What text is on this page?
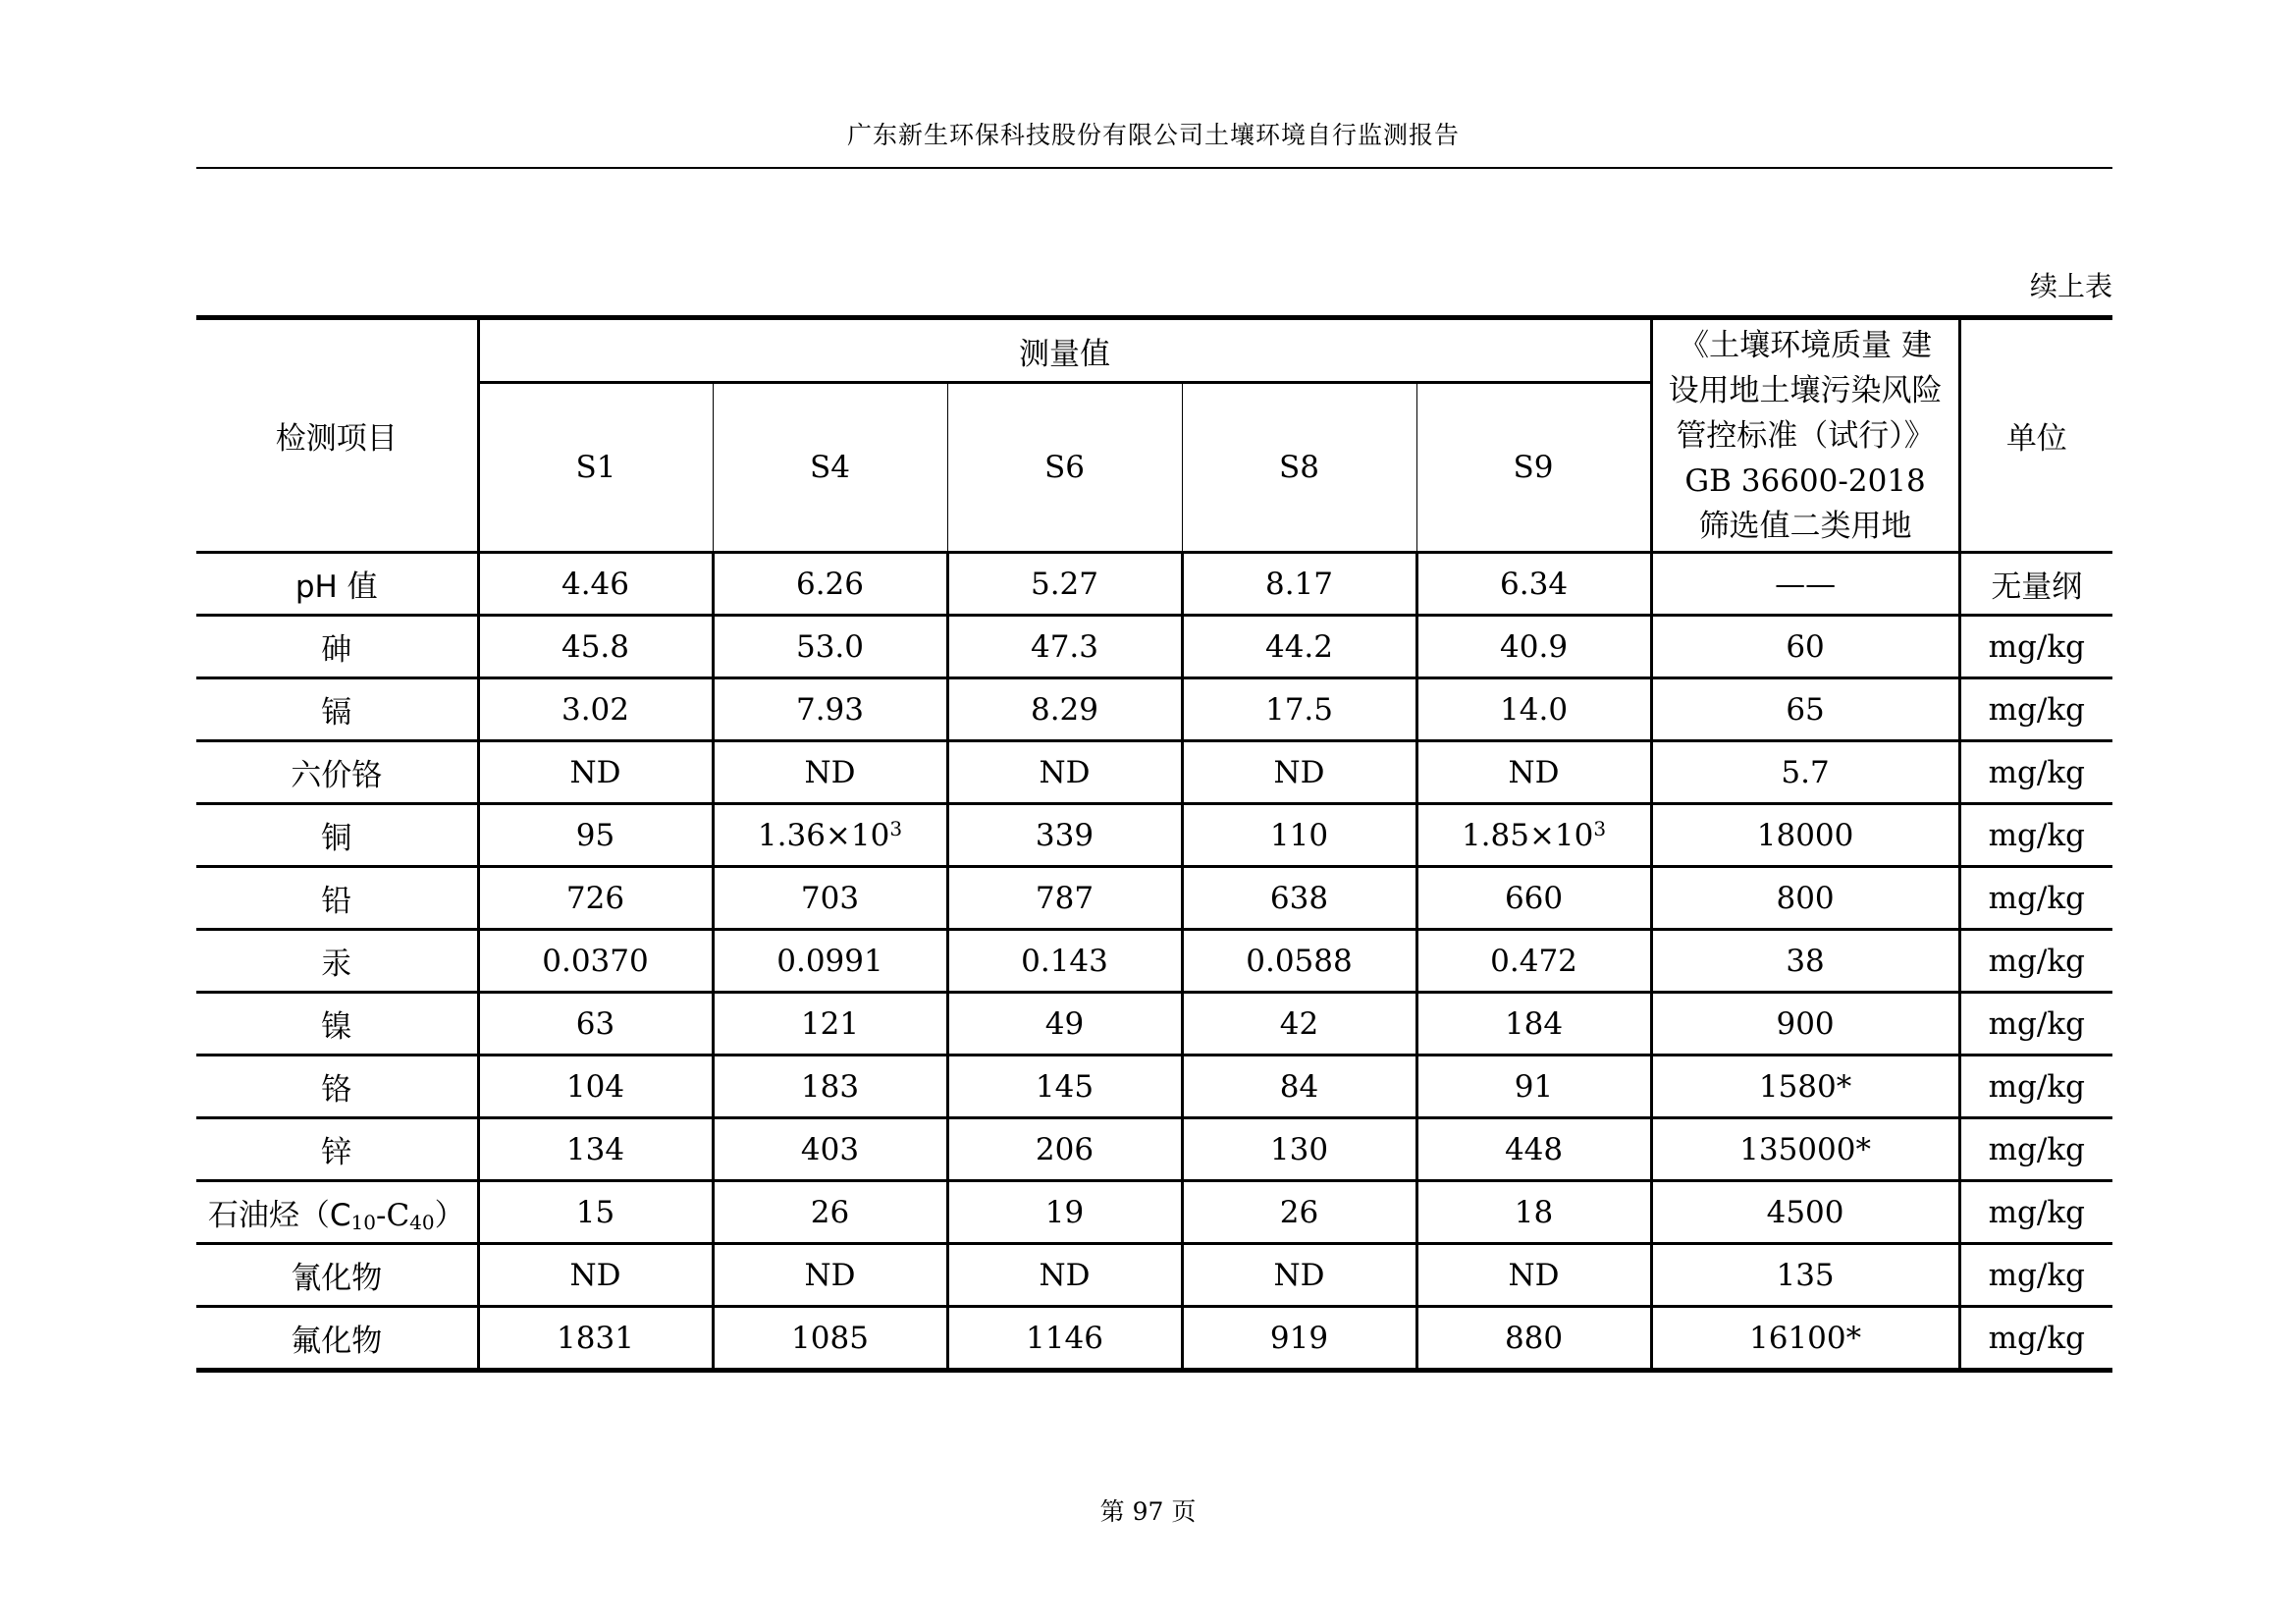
广东新生环保科技股份有限公司土壤环境自行监测报告
续上表
检测项目	测量值					《土壤环境质量 建
设用地土壤污染风险
管控标准（试行）》
GB 36600-2018
筛选值二类用地	单位
	S1	S4	S6	S8	S9		
pH 值	4.46	6.26	5.27	8.17	6.34	——	无量纲
砷	45.8	53.0	47.3	44.2	40.9	60	mg/kg
镉	3.02	7.93	8.29	17.5	14.0	65	mg/kg
六价铬	ND	ND	ND	ND	ND	5.7	mg/kg
铜	95	$1.36\times 10^3$	339	110	$1.85\times 10^3$	18000	mg/kg
铅	726	703	787	638	660	800	mg/kg
汞	0.0370	0.0991	0.143	0.0588	0.472	38	mg/kg
镍	63	121	49	42	184	900	mg/kg
铬	104	183	145	84	91	1580*	mg/kg
锌	134	403	206	130	448	135000*	mg/kg
石油烃$(C_{10}-C_{40})$	15	26	19	26	18	4500	mg/kg
氰化物	ND	ND	ND	ND	ND	135	mg/kg
氟化物	1831	1085	1146	919	880	16100*	mg/kg
第 97 页
